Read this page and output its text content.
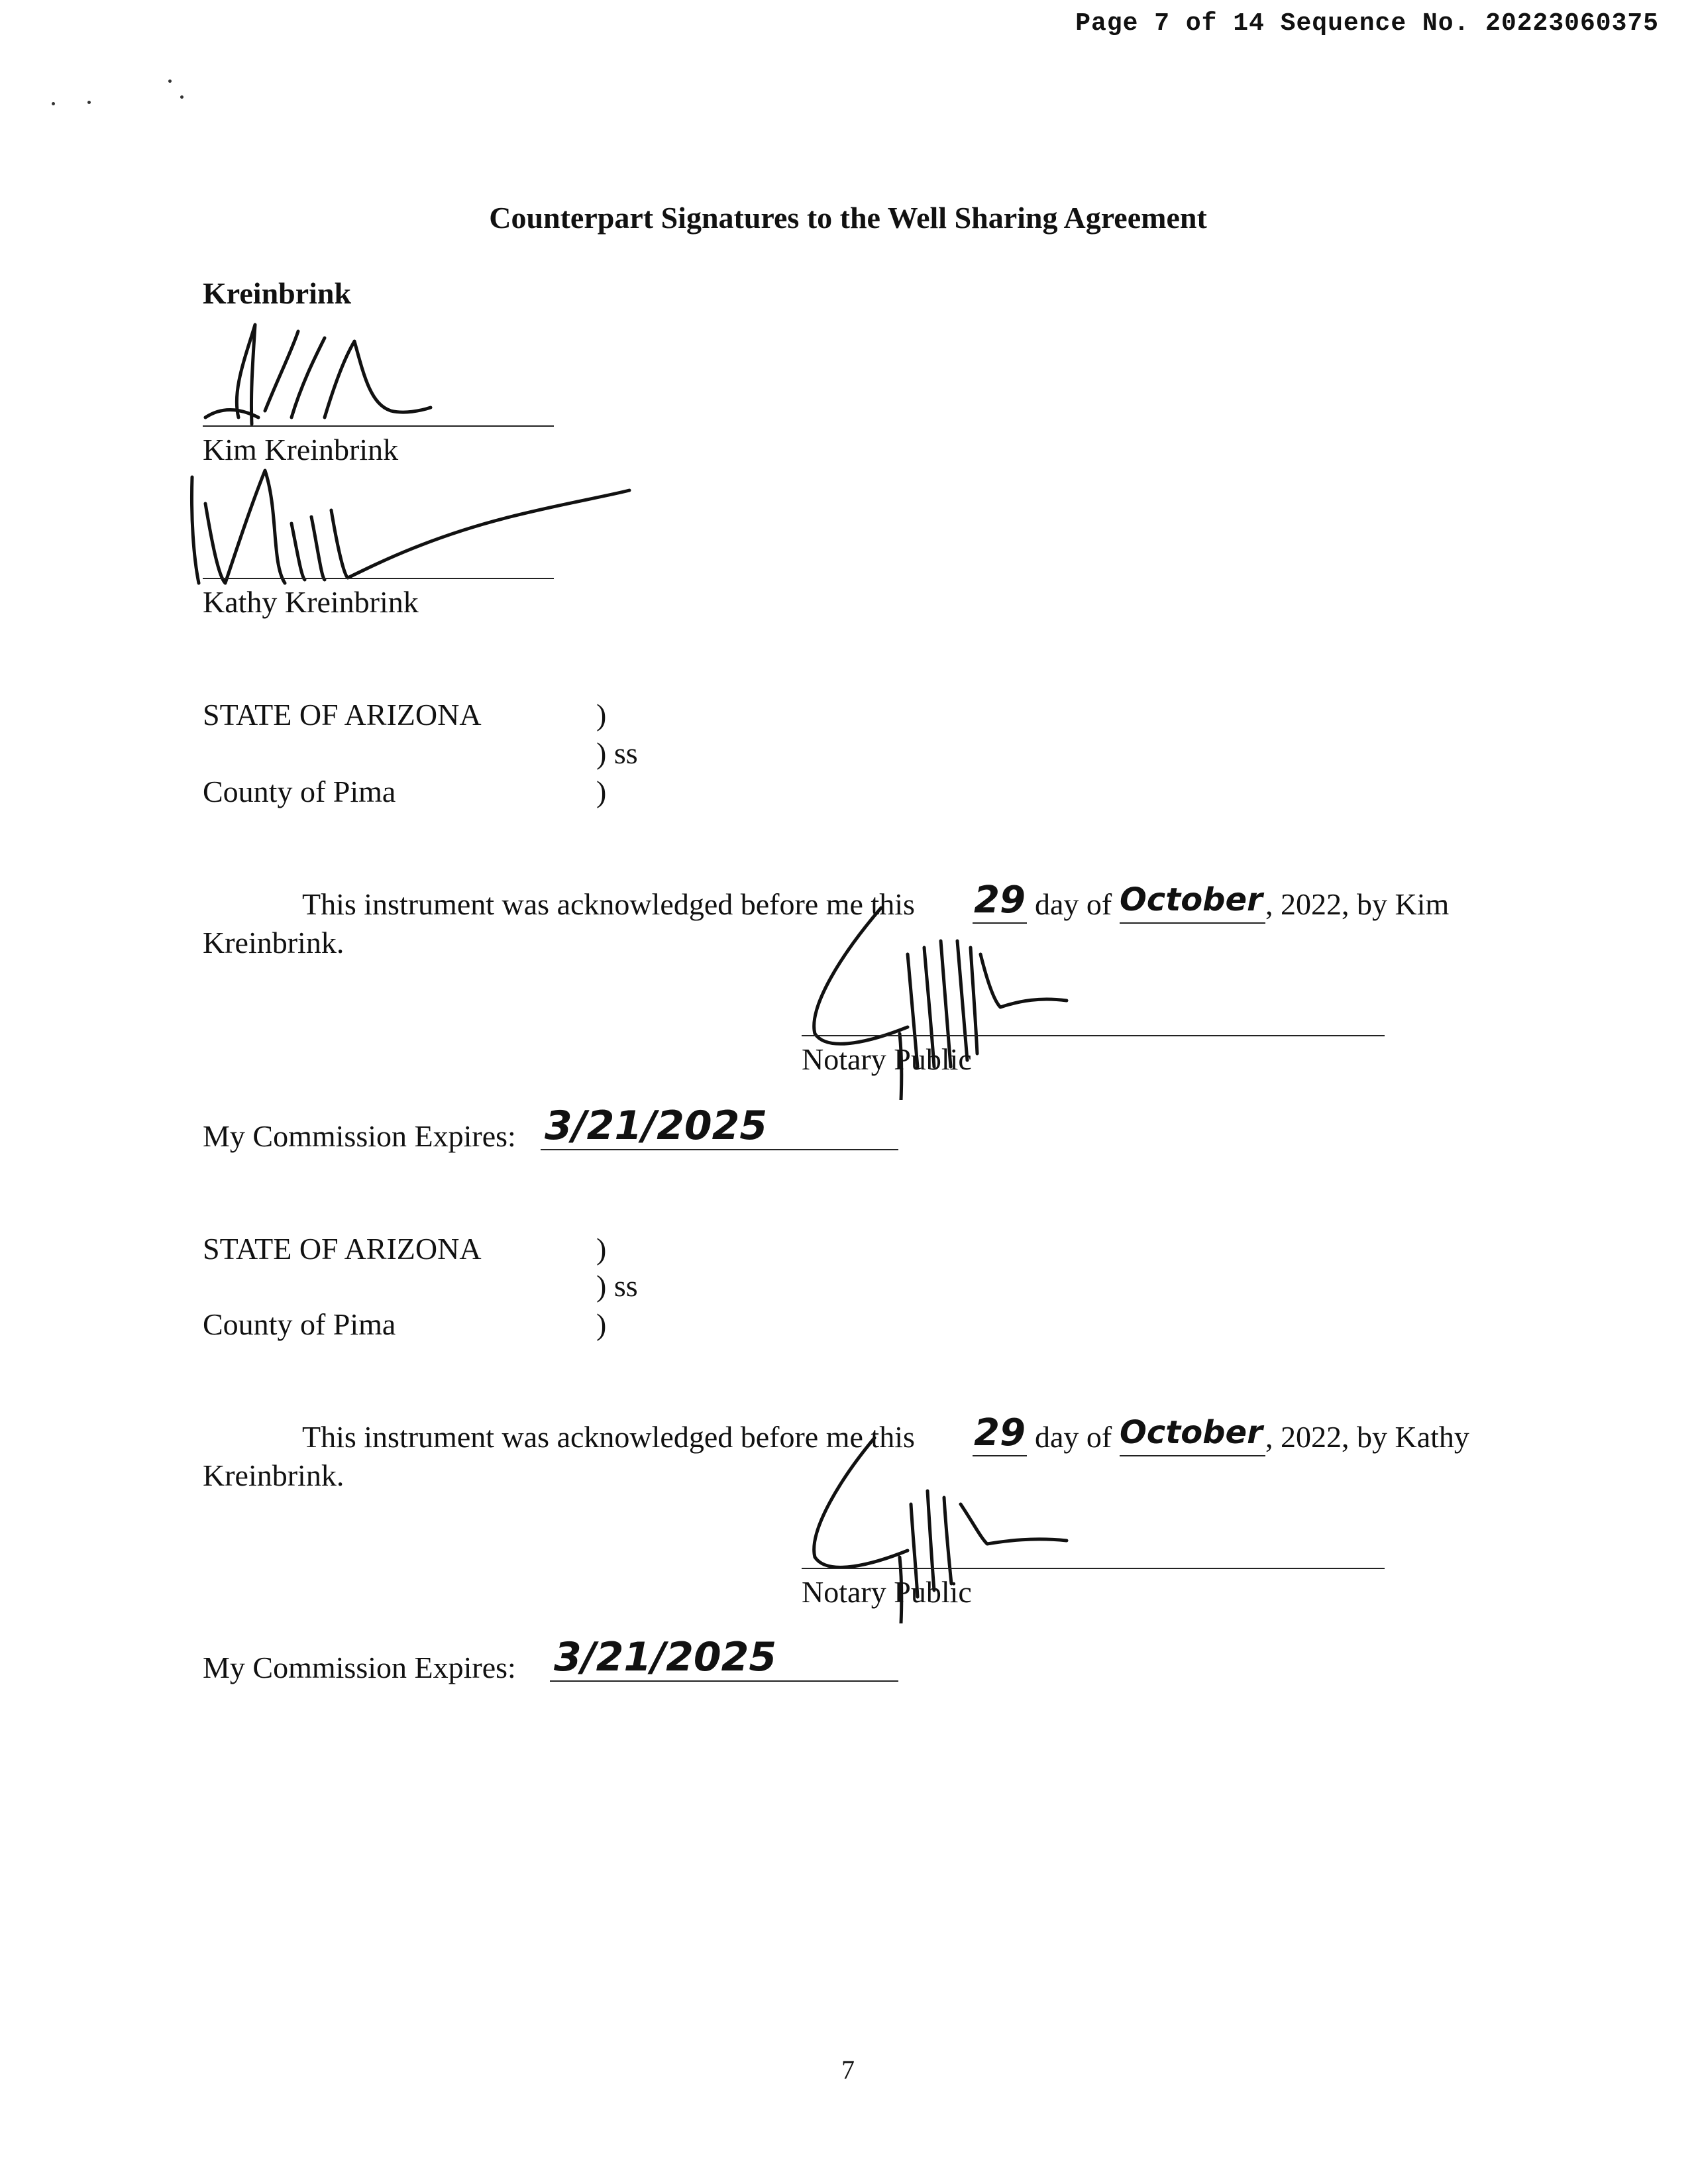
Page 7 of 14 Sequence No. 20223060375
Counterpart Signatures to the Well Sharing Agreement
Kreinbrink
Kim Kreinbrink
Kathy Kreinbrink
STATE OF ARIZONA	)
) ss
County of Pima	)
This instrument was acknowledged before me this 29 day of October , 2022, by Kim
Kreinbrink.
Notary Public
My Commission Expires: 3/21/2025
STATE OF ARIZONA	)
) ss
County of Pima	)
This instrument was acknowledged before me this 29 day of October , 2022, by Kathy
Kreinbrink.
Notary Public
My Commission Expires: 3/21/2025
7
